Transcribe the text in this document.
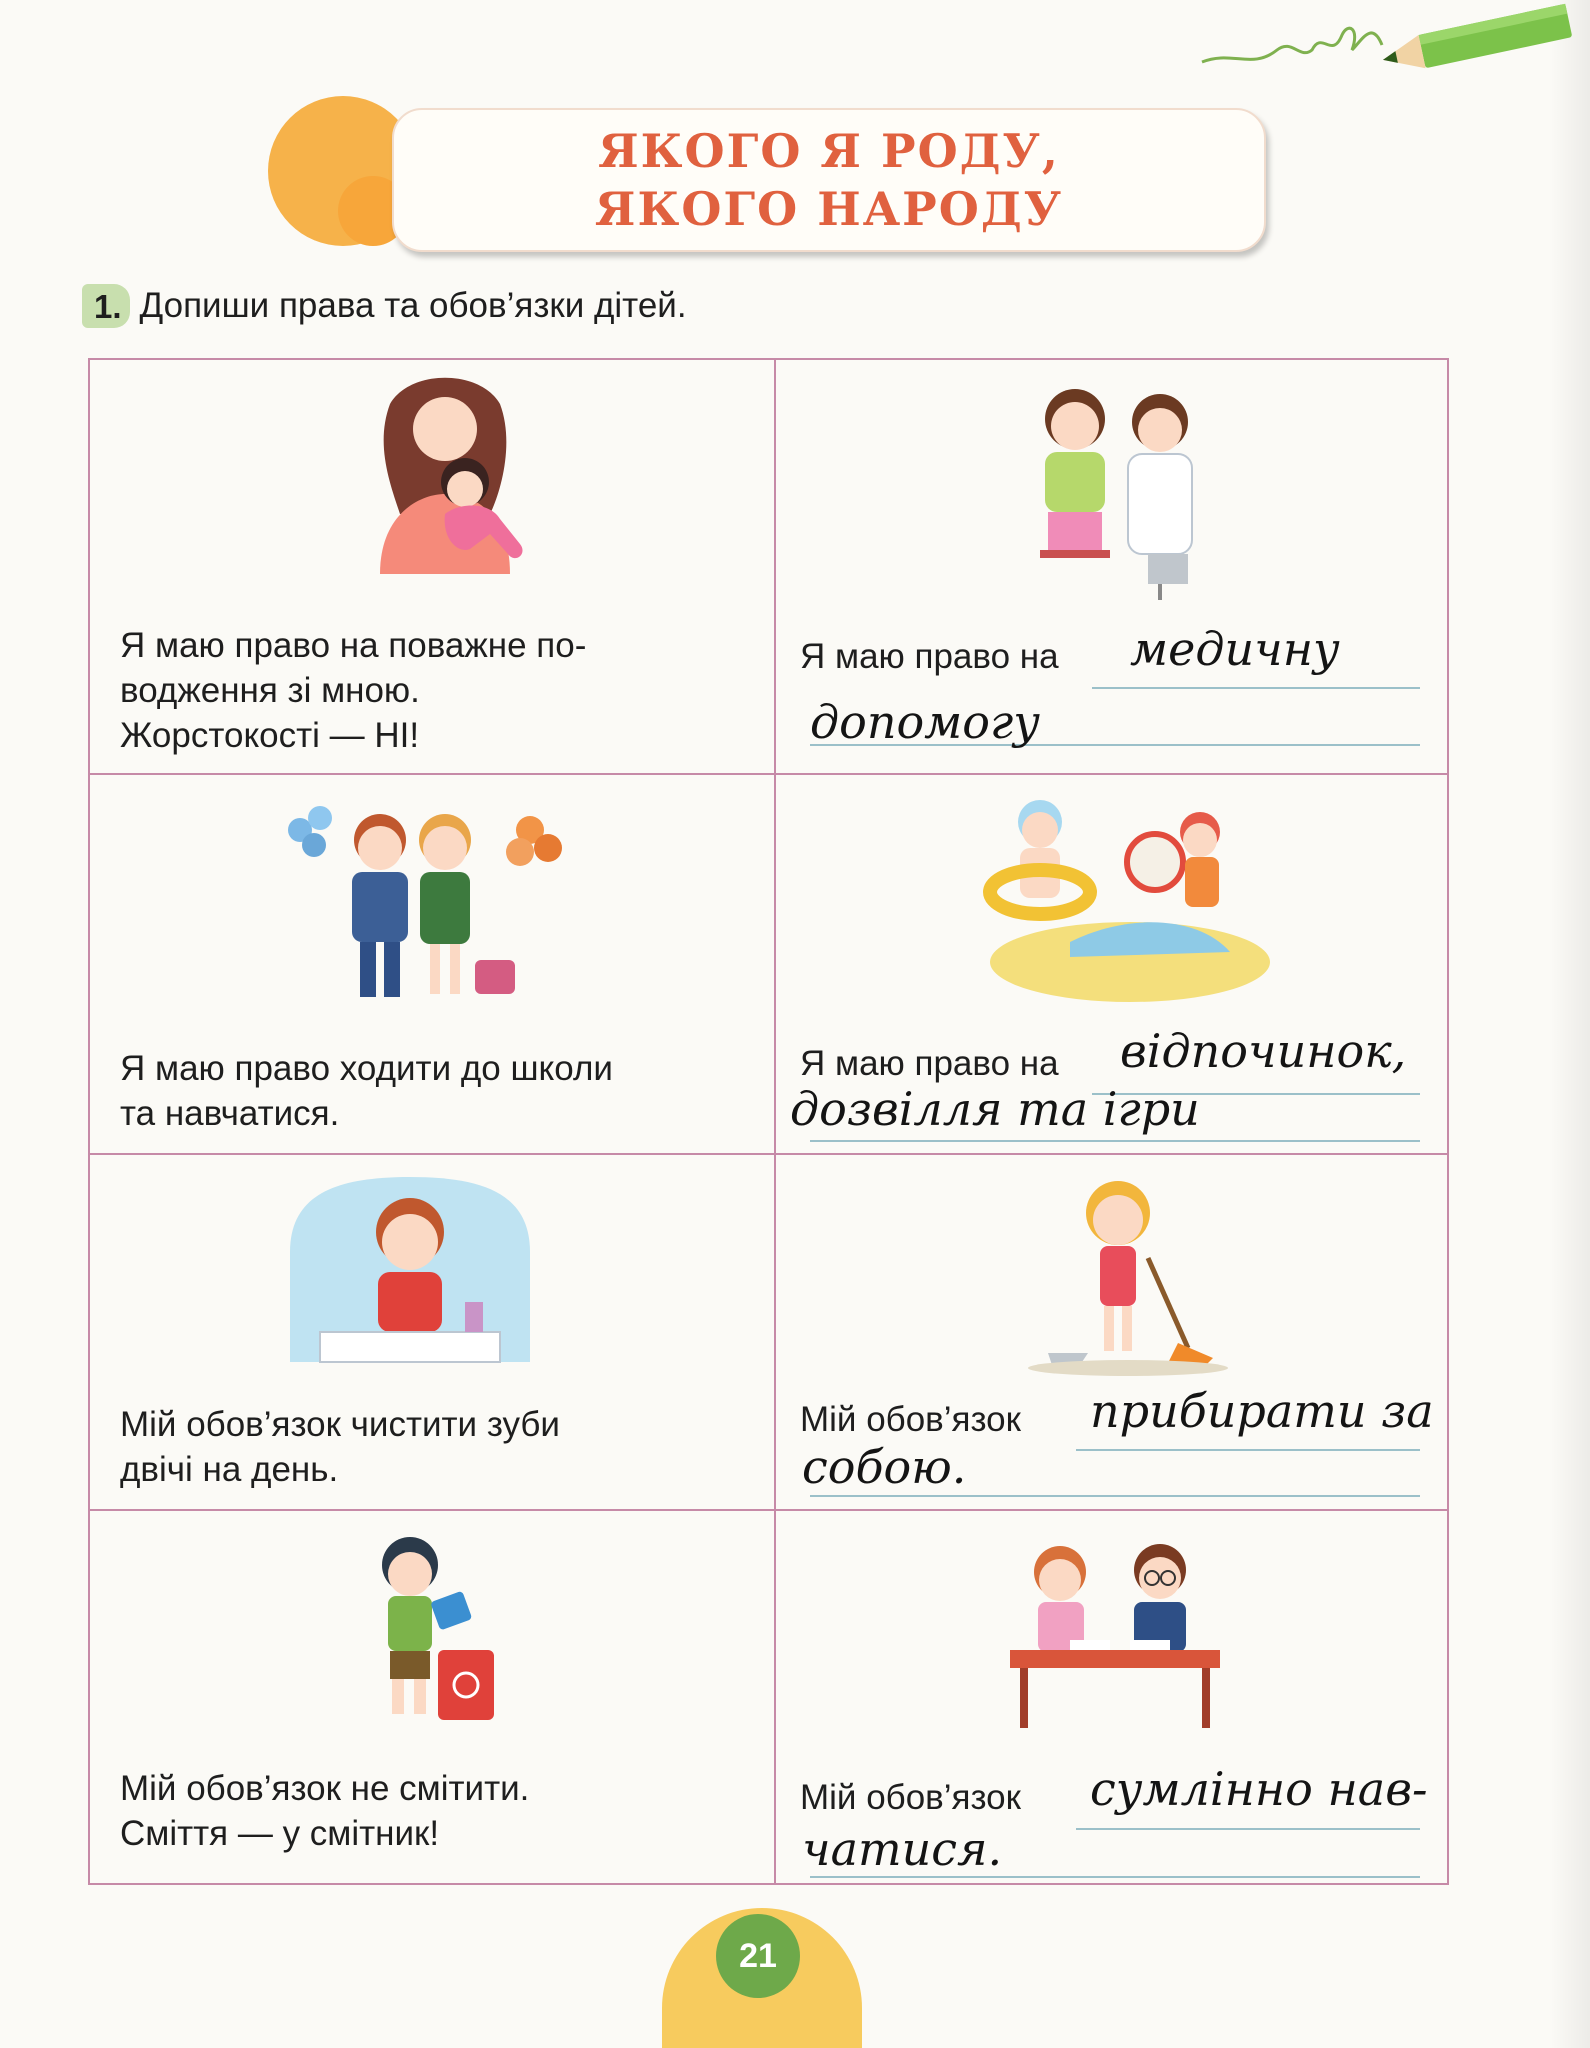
ЯКОГО Я РОДУ,
ЯКОГО НАРОДУ
1. Допиши права та обов’язки дітей.
Я маю право на поважне по-
водження зі мною.
Жорстокості — НІ!
Я маю право на медичну
допомогу
Я маю право ходити до школи
та навчатися.
Я маю право на відпочинок,
дозвілля та ігри
Мій обов’язок чистити зуби
двічі на день.
Мій обов’язок прибирати за
собою.
Мій обов’язок не смітити.
Сміття — у смітник!
Мій обов’язок сумлінно нав-
чатися.
21
